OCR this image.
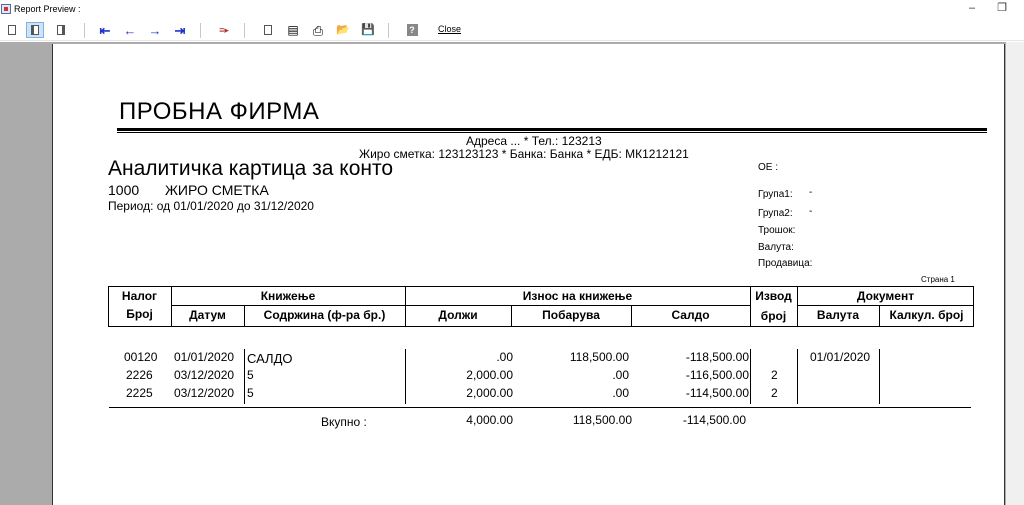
Report Preview :	–	❐
⇤ ← → ⇥	≡▸	▤ ⎙ 📂 💾	?	Close
ПРОБНА ФИРМА
Адреса ... * Тел.: 123213
Жиро сметка: 123123123 * Банка: Банка * ЕДБ: МК1212121
Аналитичка картица за конто
1000 ЖИРО СМЕТКА
Период: од 01/01/2020 до 31/12/2020
ОЕ :
Група1: -
Група2: -
Трошок:
Валута:
Продавица:
Страна 1
Налог
Број
Книжење
Датум	Содржина (ф-ра бр.)
Износ на книжење
Должи	Побарува	Салдо
Извод
број
Документ
Валута	Калкул. број
00120 01/01/2020 САЛДО	.00	118,500.00	-118,500.00	01/01/2020
2226 03/12/2020 5	2,000.00	.00	-116,500.00 2
2225 03/12/2020 5	2,000.00	.00	-114,500.00 2
Вкупно :	4,000.00	118,500.00	-114,500.00
